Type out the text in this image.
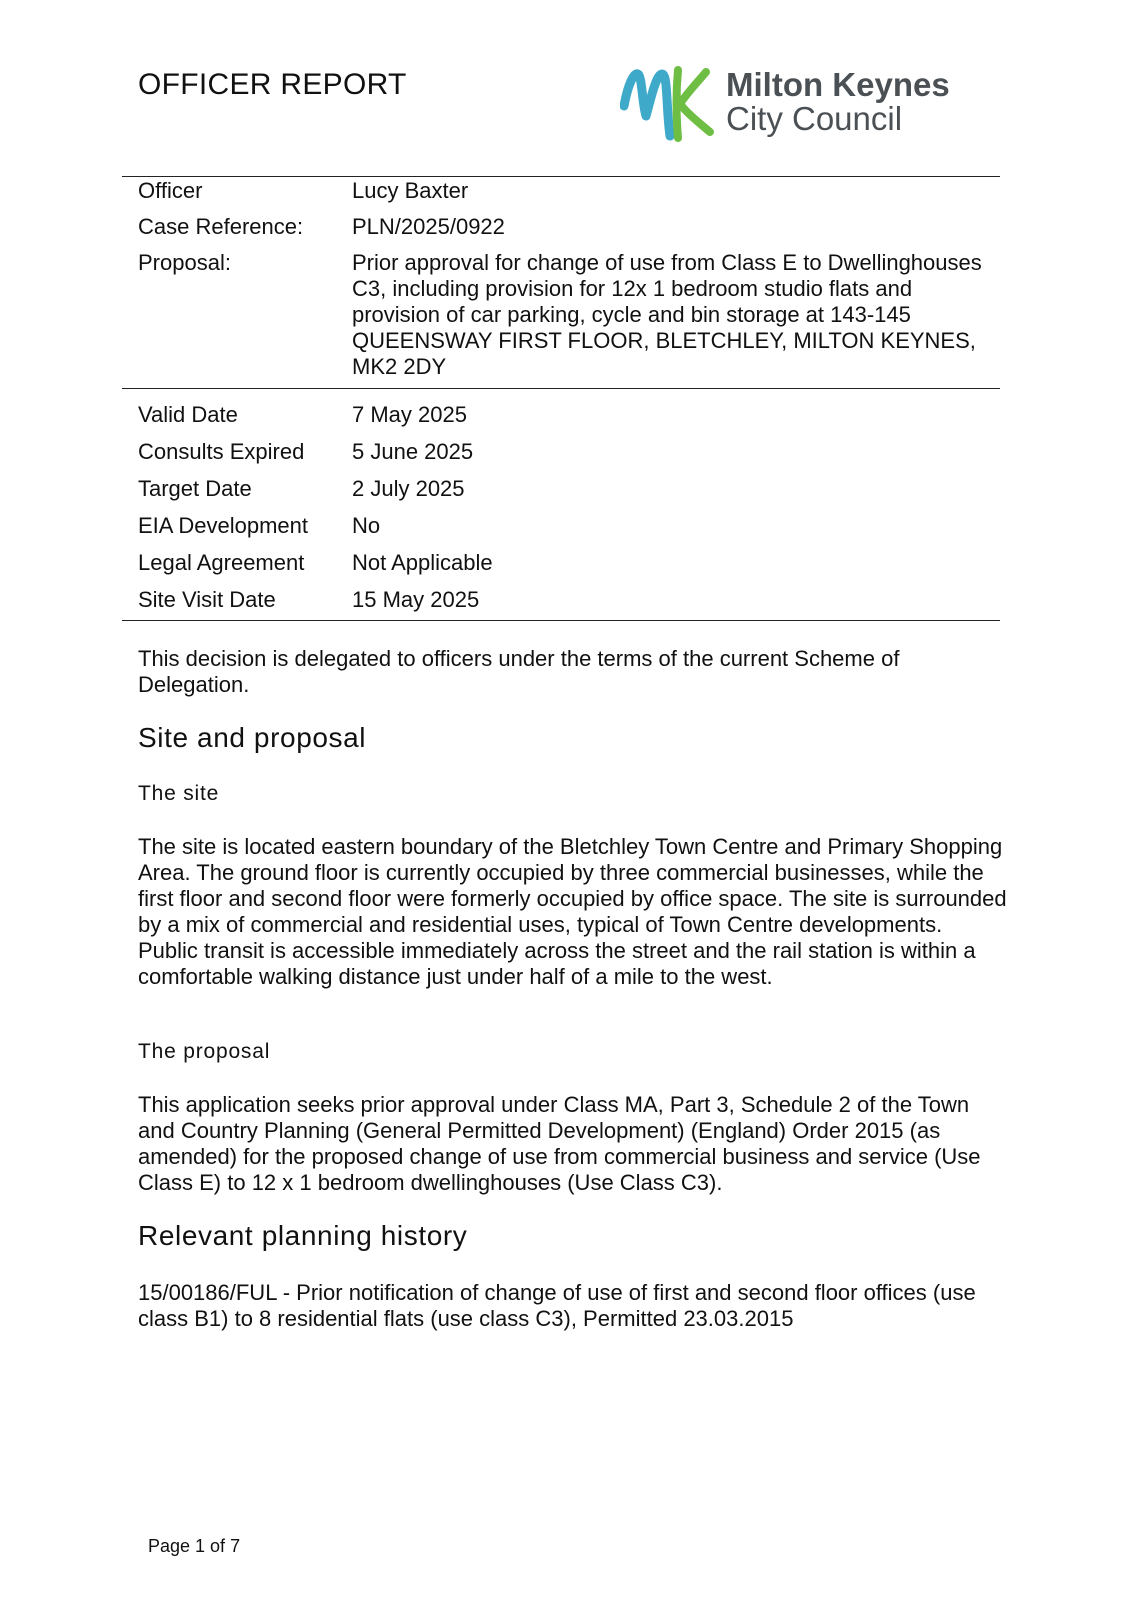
OFFICER REPORT	Milton Keynes
City Council
Officer	Lucy Baxter
Case Reference:	PLN/2025/0922
Proposal:	Prior approval for change of use from Class E to Dwellinghouses C3, including provision for 12x 1 bedroom studio flats and provision of car parking, cycle and bin storage at 143-145 QUEENSWAY FIRST FLOOR, BLETCHLEY, MILTON KEYNES, MK2 2DY
Valid Date	7 May 2025
Consults Expired	5 June 2025
Target Date	2 July 2025
EIA Development	No
Legal Agreement	Not Applicable
Site Visit Date	15 May 2025

This decision is delegated to officers under the terms of the current Scheme of Delegation.

Site and proposal
The site

The site is located eastern boundary of the Bletchley Town Centre and Primary Shopping Area. The ground floor is currently occupied by three commercial businesses, while the first floor and second floor were formerly occupied by office space. The site is surrounded by a mix of commercial and residential uses, typical of Town Centre developments. Public transit is accessible immediately across the street and the rail station is within a comfortable walking distance just under half of a mile to the west.

The proposal

This application seeks prior approval under Class MA, Part 3, Schedule 2 of the Town and Country Planning (General Permitted Development) (England) Order 2015 (as amended) for the proposed change of use from commercial business and service (Use Class E) to 12 x 1 bedroom dwellinghouses (Use Class C3).

Relevant planning history

15/00186/FUL - Prior notification of change of use of first and second floor offices (use class B1) to 8 residential flats (use class C3), Permitted 23.03.2015

Page 1 of 7
